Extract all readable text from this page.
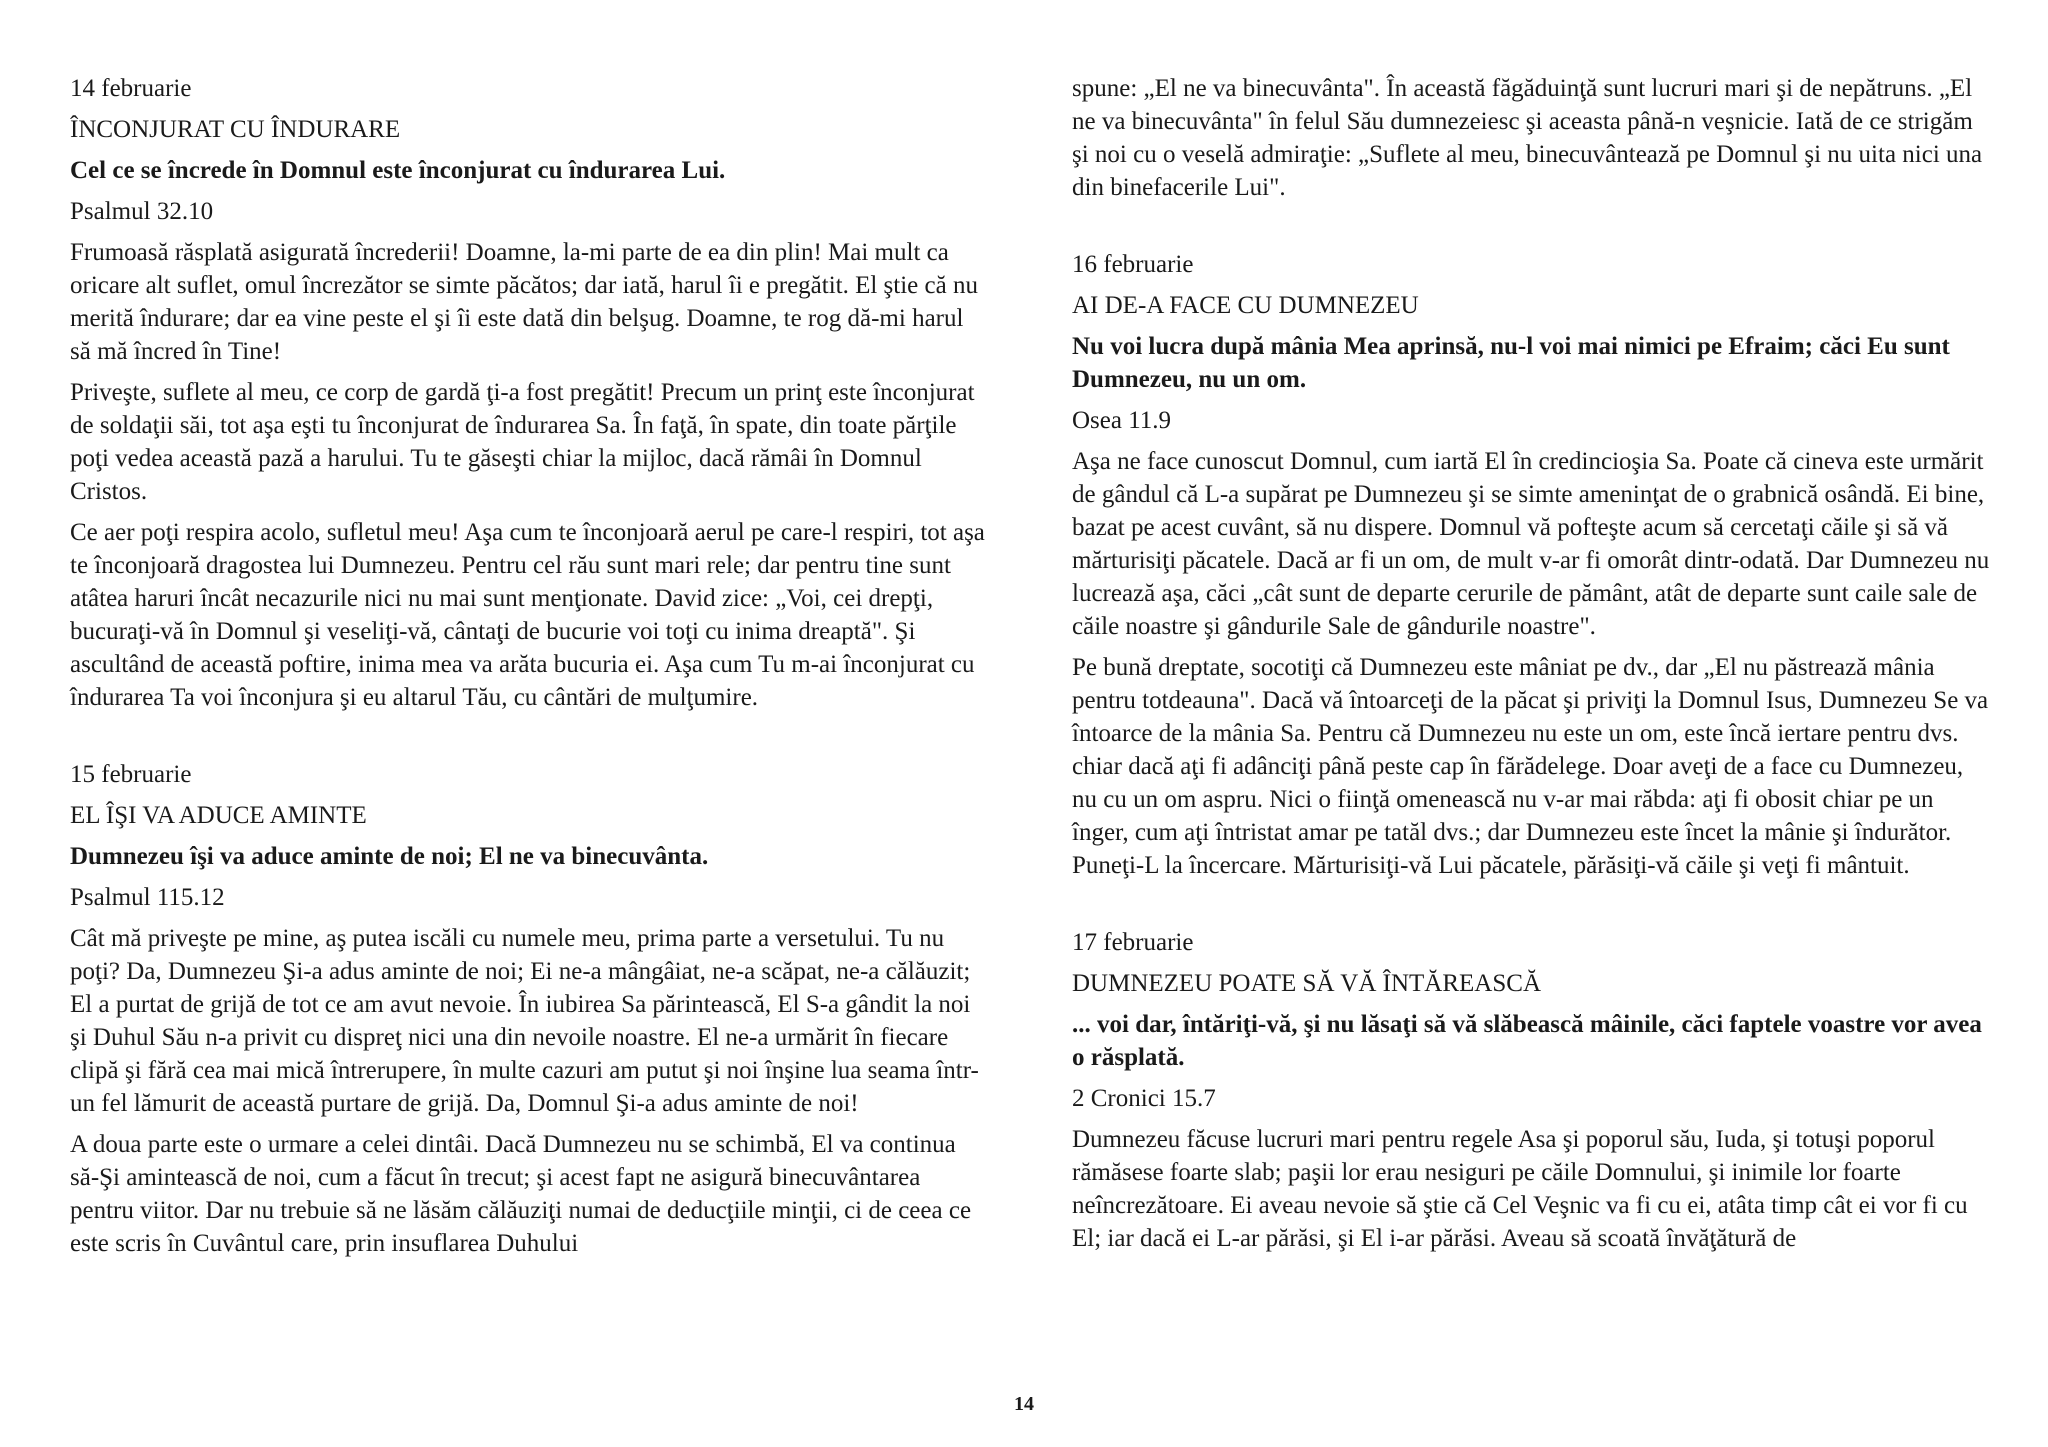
14 februarie

ÎNCONJURAT CU ÎNDURARE

Cel ce se încrede în Domnul este înconjurat cu îndurarea Lui.

Psalmul 32.10

Frumoasă răsplată asigurată încrederii! Doamne, la-mi parte de ea din plin! Mai mult ca oricare alt suflet, omul încrezător se simte păcătos; dar iată, harul îi e pregătit. El ştie că nu merită îndurare; dar ea vine peste el şi îi este dată din belşug. Doamne, te rog dă-mi harul să mă încred în Tine!

Priveşte, suflete al meu, ce corp de gardă ţi-a fost pregătit! Precum un prinţ este înconjurat de soldaţii săi, tot aşa eşti tu înconjurat de îndurarea Sa. În faţă, în spate, din toate părţile poţi vedea această pază a harului. Tu te găseşti chiar la mijloc, dacă rămâi în Domnul Cristos.

Ce aer poţi respira acolo, sufletul meu! Aşa cum te înconjoară aerul pe care-l respiri, tot aşa te înconjoară dragostea lui Dumnezeu. Pentru cel rău sunt mari rele; dar pentru tine sunt atâtea haruri încât necazurile nici nu mai sunt menţionate. David zice: „Voi, cei drepţi, bucuraţi-vă în Domnul şi veseliţi-vă, cântaţi de bucurie voi toţi cu inima dreaptă". Şi ascultând de această poftire, inima mea va arăta bucuria ei. Aşa cum Tu m-ai înconjurat cu îndurarea Ta voi înconjura şi eu altarul Tău, cu cântări de mulţumire.

15 februarie

EL ÎŞI VA ADUCE AMINTE

Dumnezeu îşi va aduce aminte de noi; El ne va binecuvânta.

Psalmul 115.12

Cât mă priveşte pe mine, aş putea iscăli cu numele meu, prima parte a versetului. Tu nu poţi? Da, Dumnezeu Şi-a adus aminte de noi; Ei ne-a mângâiat, ne-a scăpat, ne-a călăuzit; El a purtat de grijă de tot ce am avut nevoie. În iubirea Sa părintească, El S-a gândit la noi şi Duhul Său n-a privit cu dispreţ nici una din nevoile noastre. El ne-a urmărit în fiecare clipă şi fără cea mai mică întrerupere, în multe cazuri am putut şi noi înşine lua seama într-un fel lămurit de această purtare de grijă. Da, Domnul Şi-a adus aminte de noi!

A doua parte este o urmare a celei dintâi. Dacă Dumnezeu nu se schimbă, El va continua să-Şi amintească de noi, cum a făcut în trecut; şi acest fapt ne asigură binecuvântarea pentru viitor. Dar nu trebuie să ne lăsăm călăuziţi numai de deducţiile minţii, ci de ceea ce este scris în Cuvântul care, prin insuflarea Duhului

spune: „El ne va binecuvânta". În această făgăduinţă sunt lucruri mari şi de nepătruns. „El ne va binecuvânta" în felul Său dumnezeiesc şi aceasta până-n veşnicie. Iată de ce strigăm şi noi cu o veselă admiraţie: „Suflete al meu, binecuvântează pe Domnul şi nu uita nici una din binefacerile Lui".

16 februarie

AI DE-A FACE CU DUMNEZEU

Nu voi lucra după mânia Mea aprinsă, nu-l voi mai nimici pe Efraim; căci Eu sunt Dumnezeu, nu un om.

Osea 11.9

Aşa ne face cunoscut Domnul, cum iartă El în credincioşia Sa. Poate că cineva este urmărit de gândul că L-a supărat pe Dumnezeu şi se simte ameninţat de o grabnică osândă. Ei bine, bazat pe acest cuvânt, să nu dispere. Domnul vă pofteşte acum să cercetaţi căile şi să vă mărturisiţi păcatele. Dacă ar fi un om, de mult v-ar fi omorât dintr-odată. Dar Dumnezeu nu lucrează aşa, căci „cât sunt de departe cerurile de pământ, atât de departe sunt caile sale de căile noastre şi gândurile Sale de gândurile noastre".

Pe bună dreptate, socotiţi că Dumnezeu este mâniat pe dv., dar „El nu păstrează mânia pentru totdeauna". Dacă vă întoarceţi de la păcat şi priviţi la Domnul Isus, Dumnezeu Se va întoarce de la mânia Sa. Pentru că Dumnezeu nu este un om, este încă iertare pentru dvs. chiar dacă aţi fi adânciţi până peste cap în fărădelege. Doar aveţi de a face cu Dumnezeu, nu cu un om aspru. Nici o fiinţă omenească nu v-ar mai răbda: aţi fi obosit chiar pe un înger, cum aţi întristat amar pe tatăl dvs.; dar Dumnezeu este încet la mânie şi îndurător. Puneţi-L la încercare. Mărturisiţi-vă Lui păcatele, părăsiţi-vă căile şi veţi fi mântuit.

17 februarie

DUMNEZEU POATE SĂ VĂ ÎNTĂREASCĂ

... voi dar, întăriţi-vă, şi nu lăsaţi să vă slăbească mâinile, căci faptele voastre vor avea o răsplată.

2 Cronici 15.7

Dumnezeu făcuse lucruri mari pentru regele Asa şi poporul său, Iuda, şi totuşi poporul rămăsese foarte slab; paşii lor erau nesiguri pe căile Domnului, şi inimile lor foarte neîncrezătoare. Ei aveau nevoie să ştie că Cel Veşnic va fi cu ei, atâta timp cât ei vor fi cu El; iar dacă ei L-ar părăsi, şi El i-ar părăsi. Aveau să scoată învăţătură de

14
